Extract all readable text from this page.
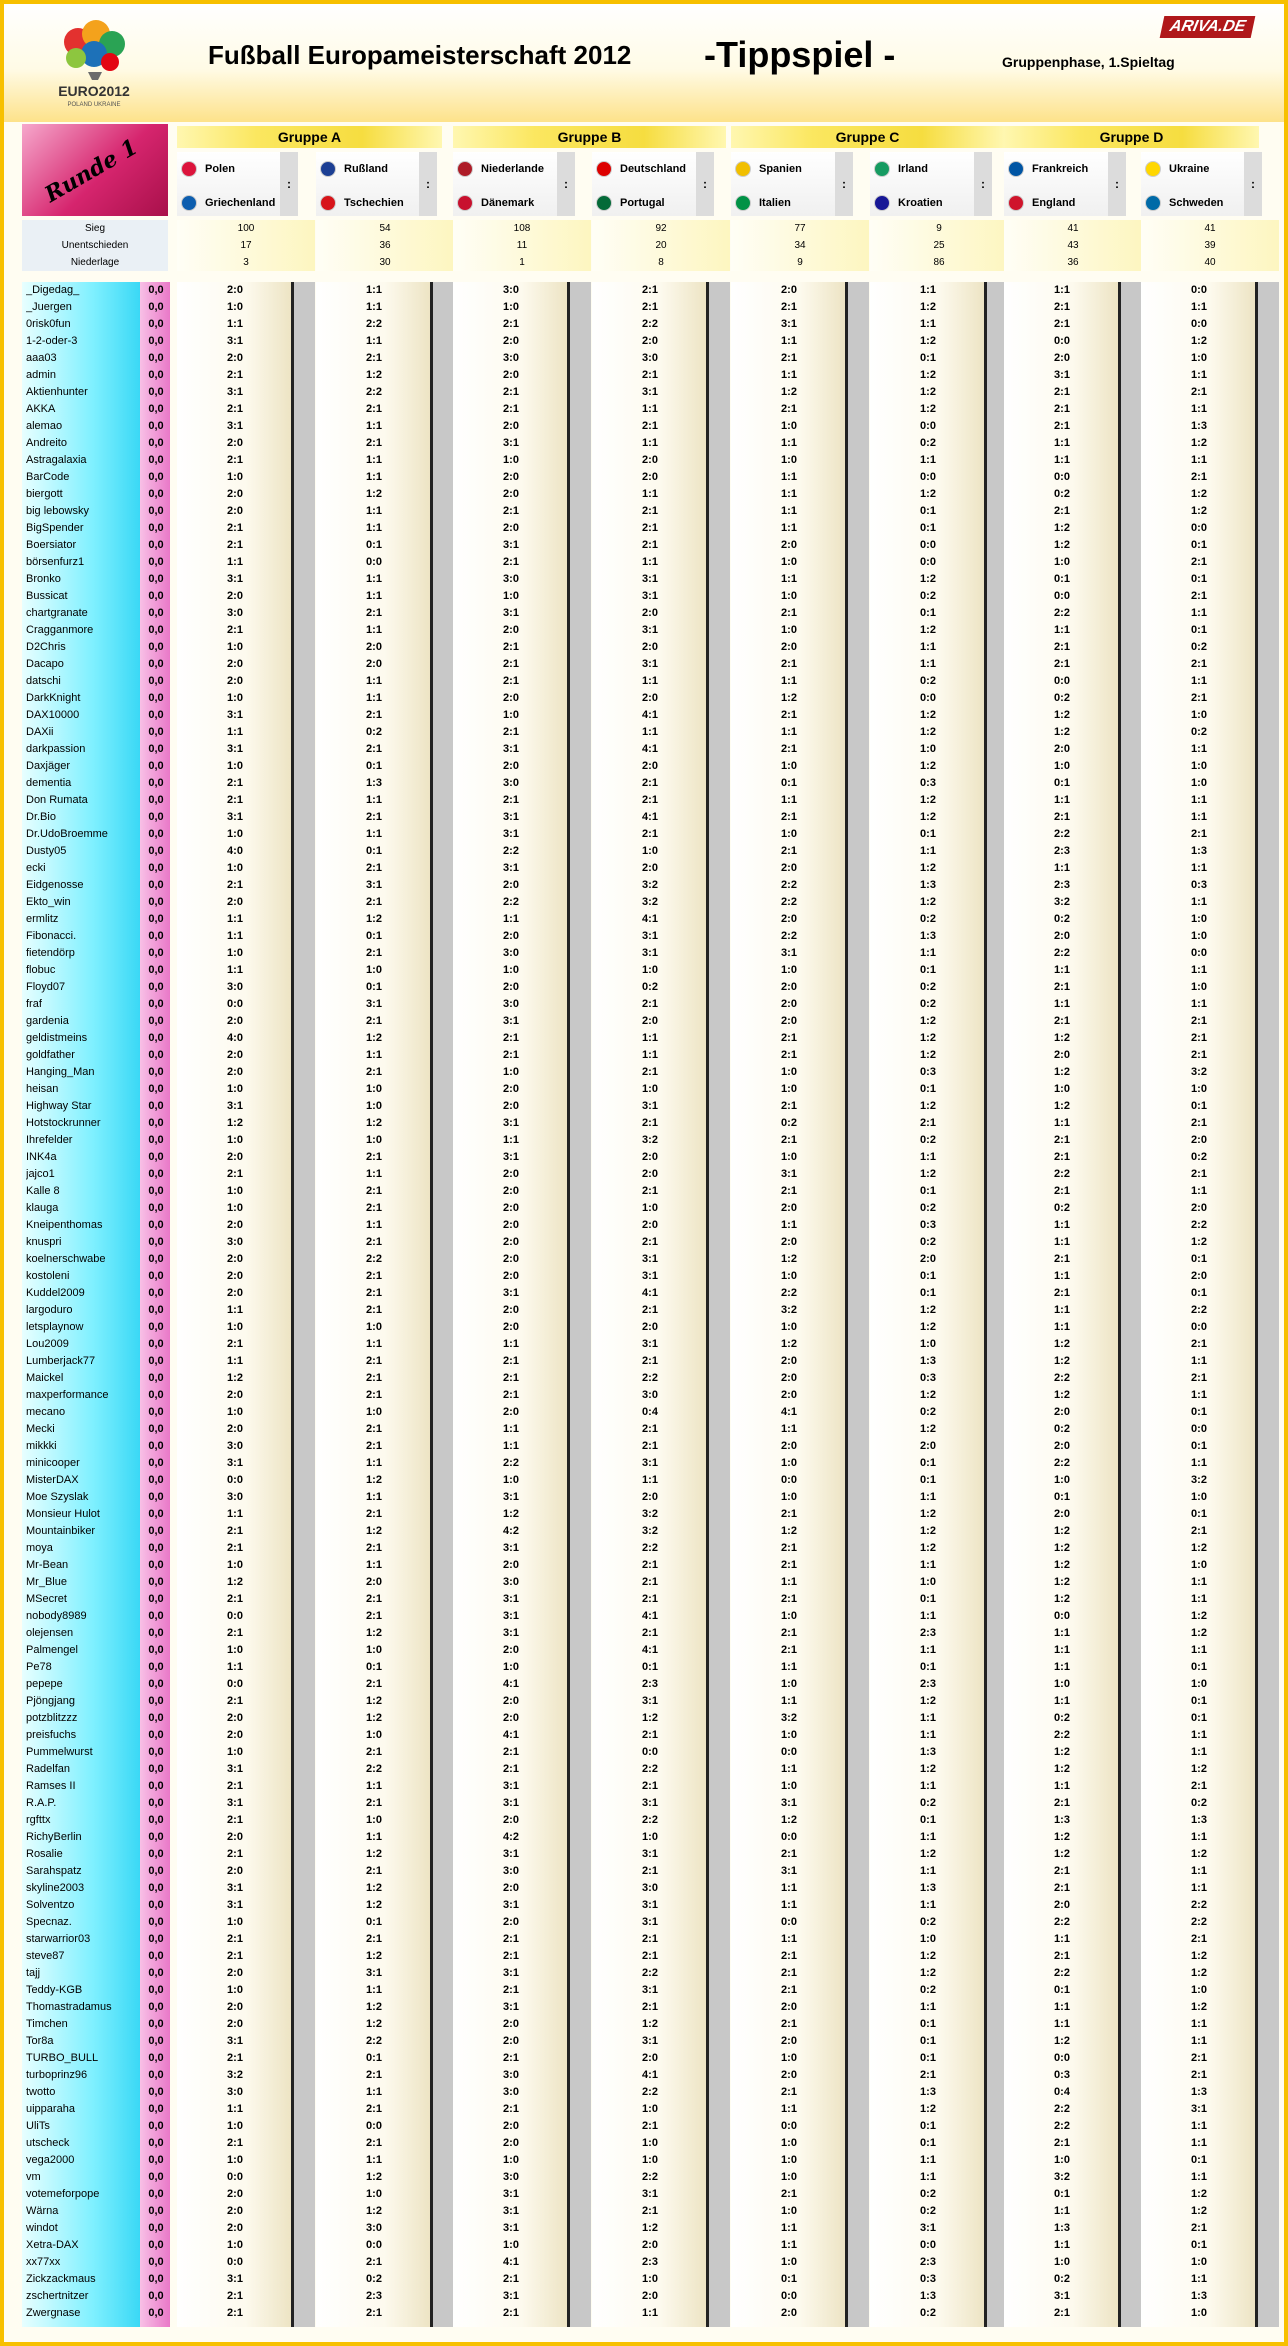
EURO2012
POLAND UKRAINE
Fußball Europameisterschaft 2012 -Tippspiel -	Gruppenphase, 1.Spieltag
ARIVA.DE
Runde 1	Gruppe A	Gruppe B	Gruppe C	Gruppe D
Polen
Griechenland
:
Rußland
Tschechien
:
Niederlande
Dänemark
:
Deutschland
Portugal
:
Spanien
Italien
:
Irland
Kroatien
:
Frankreich
England
:
Ukraine
Schweden
:
Sieg	100	54	108	92	77	9	41	41
Unentschieden	17	36	11	20	34	25	43	39
Niederlage	3	30	1	8	9	86	36	40
_Digedag_	0,0	2:0	1:1	3:0	2:1	2:0	1:1	1:1	0:0
_Juergen	0,0	1:0	1:1	1:0	2:1	2:1	1:2	2:1	1:1
0risk0fun	0,0	1:1	2:2	2:1	2:2	3:1	1:1	2:1	0:0
1-2-oder-3	0,0	3:1	1:1	2:0	2:0	1:1	1:2	0:0	1:2
aaa03	0,0	2:0	2:1	3:0	3:0	2:1	0:1	2:0	1:0
admin	0,0	2:1	1:2	2:0	2:1	1:1	1:2	3:1	1:1
Aktienhunter	0,0	3:1	2:2	2:1	3:1	1:2	1:2	2:1	2:1
AKKA	0,0	2:1	2:1	2:1	1:1	2:1	1:2	2:1	1:1
alemao	0,0	3:1	1:1	2:0	2:1	1:0	0:0	2:1	1:3
Andreito	0,0	2:0	2:1	3:1	1:1	1:1	0:2	1:1	1:2
Astragalaxia	0,0	2:1	1:1	1:0	2:0	1:0	1:1	1:1	1:1
BarCode	0,0	1:0	1:1	2:0	2:0	1:1	0:0	0:0	2:1
biergott	0,0	2:0	1:2	2:0	1:1	1:1	1:2	0:2	1:2
big lebowsky	0,0	2:0	1:1	2:1	2:1	1:1	0:1	2:1	1:2
BigSpender	0,0	2:1	1:1	2:0	2:1	1:1	0:1	1:2	0:0
Boersiator	0,0	2:1	0:1	3:1	2:1	2:0	0:0	1:2	0:1
börsenfurz1	0,0	1:1	0:0	2:1	1:1	1:0	0:0	1:0	2:1
Bronko	0,0	3:1	1:1	3:0	3:1	1:1	1:2	0:1	0:1
Bussicat	0,0	2:0	1:1	1:0	3:1	1:0	0:2	0:0	2:1
chartgranate	0,0	3:0	2:1	3:1	2:0	2:1	0:1	2:2	1:1
Cragganmore	0,0	2:1	1:1	2:0	3:1	1:0	1:2	1:1	0:1
D2Chris	0,0	1:0	2:0	2:1	2:0	2:0	1:1	2:1	0:2
Dacapo	0,0	2:0	2:0	2:1	3:1	2:1	1:1	2:1	2:1
datschi	0,0	2:0	1:1	2:1	1:1	1:1	0:2	0:0	1:1
DarkKnight	0,0	1:0	1:1	2:0	2:0	1:2	0:0	0:2	2:1
DAX10000	0,0	3:1	2:1	1:0	4:1	2:1	1:2	1:2	1:0
DAXii	0,0	1:1	0:2	2:1	1:1	1:1	1:2	1:2	0:2
darkpassion	0,0	3:1	2:1	3:1	4:1	2:1	1:0	2:0	1:1
Daxjäger	0,0	1:0	0:1	2:0	2:0	1:0	1:2	1:0	1:0
dementia	0,0	2:1	1:3	3:0	2:1	0:1	0:3	0:1	1:0
Don Rumata	0,0	2:1	1:1	2:1	2:1	1:1	1:2	1:1	1:1
Dr.Bio	0,0	3:1	2:1	3:1	4:1	2:1	1:2	2:1	1:1
Dr.UdoBroemme	0,0	1:0	1:1	3:1	2:1	1:0	0:1	2:2	2:1
Dusty05	0,0	4:0	0:1	2:2	1:0	2:1	1:1	2:3	1:3
ecki	0,0	1:0	2:1	3:1	2:0	2:0	1:2	1:1	1:1
Eidgenosse	0,0	2:1	3:1	2:0	3:2	2:2	1:3	2:3	0:3
Ekto_win	0,0	2:0	2:1	2:2	3:2	2:2	1:2	3:2	1:1
ermlitz	0,0	1:1	1:2	1:1	4:1	2:0	0:2	0:2	1:0
Fibonacci.	0,0	1:1	0:1	2:0	3:1	2:2	1:3	2:0	1:0
fietendörp	0,0	1:0	2:1	3:0	3:1	3:1	1:1	2:2	0:0
flobuc	0,0	1:1	1:0	1:0	1:0	1:0	0:1	1:1	1:1
Floyd07	0,0	3:0	0:1	2:0	0:2	2:0	0:2	2:1	1:0
fraf	0,0	0:0	3:1	3:0	2:1	2:0	0:2	1:1	1:1
gardenia	0,0	2:0	2:1	3:1	2:0	2:0	1:2	2:1	2:1
geldistmeins	0,0	4:0	1:2	2:1	1:1	2:1	1:2	1:2	2:1
goldfather	0,0	2:0	1:1	2:1	1:1	2:1	1:2	2:0	2:1
Hanging_Man	0,0	2:0	2:1	1:0	2:1	1:0	0:3	1:2	3:2
heisan	0,0	1:0	1:0	2:0	1:0	1:0	0:1	1:0	1:0
Highway Star	0,0	3:1	1:0	2:0	3:1	2:1	1:2	1:2	0:1
Hotstockrunner	0,0	1:2	1:2	3:1	2:1	0:2	2:1	1:1	2:1
Ihrefelder	0,0	1:0	1:0	1:1	3:2	2:1	0:2	2:1	2:0
INK4a	0,0	2:0	2:1	3:1	2:0	1:0	1:1	2:1	0:2
jajco1	0,0	2:1	1:1	2:0	2:0	3:1	1:2	2:2	2:1
Kalle 8	0,0	1:0	2:1	2:0	2:1	2:1	0:1	2:1	1:1
klauga	0,0	1:0	2:1	2:0	1:0	2:0	0:2	0:2	2:0
Kneipenthomas	0,0	2:0	1:1	2:0	2:0	1:1	0:3	1:1	2:2
knuspri	0,0	3:0	2:1	2:0	2:1	2:0	0:2	1:1	1:2
koelnerschwabe	0,0	2:0	2:2	2:0	3:1	1:2	2:0	2:1	0:1
kostoleni	0,0	2:0	2:1	2:0	3:1	1:0	0:1	1:1	2:0
Kuddel2009	0,0	2:0	2:1	3:1	4:1	2:2	0:1	2:1	0:1
largoduro	0,0	1:1	2:1	2:0	2:1	3:2	1:2	1:1	2:2
letsplaynow	0,0	1:0	1:0	2:0	2:0	1:0	1:2	1:1	0:0
Lou2009	0,0	2:1	1:1	1:1	3:1	1:2	1:0	1:2	2:1
Lumberjack77	0,0	1:1	2:1	2:1	2:1	2:0	1:3	1:2	1:1
Maickel	0,0	1:2	2:1	2:1	2:2	2:0	0:3	2:2	2:1
maxperformance	0,0	2:0	2:1	2:1	3:0	2:0	1:2	1:2	1:1
mecano	0,0	1:0	1:0	2:0	0:4	4:1	0:2	2:0	0:1
Mecki	0,0	2:0	2:1	1:1	2:1	1:1	1:2	0:2	0:0
mikkki	0,0	3:0	2:1	1:1	2:1	2:0	2:0	2:0	0:1
minicooper	0,0	3:1	1:1	2:2	3:1	1:0	0:1	2:2	1:1
MisterDAX	0,0	0:0	1:2	1:0	1:1	0:0	0:1	1:0	3:2
Moe Szyslak	0,0	3:0	1:1	3:1	2:0	1:0	1:1	0:1	1:0
Monsieur Hulot	0,0	1:1	2:1	1:2	3:2	2:1	1:2	2:0	0:1
Mountainbiker	0,0	2:1	1:2	4:2	3:2	1:2	1:2	1:2	2:1
moya	0,0	2:1	2:1	3:1	2:2	2:1	1:2	1:2	1:2
Mr-Bean	0,0	1:0	1:1	2:0	2:1	2:1	1:1	1:2	1:0
Mr_Blue	0,0	1:2	2:0	3:0	2:1	1:1	1:0	1:2	1:1
MSecret	0,0	2:1	2:1	3:1	2:1	2:1	0:1	1:2	1:1
nobody8989	0,0	0:0	2:1	3:1	4:1	1:0	1:1	0:0	1:2
olejensen	0,0	2:1	1:2	3:1	2:1	2:1	2:3	1:1	1:2
Palmengel	0,0	1:0	1:0	2:0	4:1	2:1	1:1	1:1	1:1
Pe78	0,0	1:1	0:1	1:0	0:1	1:1	0:1	1:1	0:1
pepepe	0,0	0:0	2:1	4:1	2:3	1:0	2:3	1:0	1:0
Pjöngjang	0,0	2:1	1:2	2:0	3:1	1:1	1:2	1:1	0:1
potzblitzzz	0,0	2:0	1:2	2:0	1:2	3:2	1:1	0:2	0:1
preisfuchs	0,0	2:0	1:0	4:1	2:1	1:0	1:1	2:2	1:1
Pummelwurst	0,0	1:0	2:1	2:1	0:0	0:0	1:3	1:2	1:1
Radelfan	0,0	3:1	2:2	2:1	2:2	1:1	1:2	1:2	1:2
Ramses II	0,0	2:1	1:1	3:1	2:1	1:0	1:1	1:1	2:1
R.A.P.	0,0	3:1	2:1	3:1	3:1	3:1	0:2	2:1	0:2
rgfttx	0,0	2:1	1:0	2:0	2:2	1:2	0:1	1:3	1:3
RichyBerlin	0,0	2:0	1:1	4:2	1:0	0:0	1:1	1:2	1:1
Rosalie	0,0	2:1	1:2	3:1	3:1	2:1	1:2	1:2	1:2
Sarahspatz	0,0	2:0	2:1	3:0	2:1	3:1	1:1	2:1	1:1
skyline2003	0,0	3:1	1:2	2:0	3:0	1:1	1:3	2:1	1:1
Solventzo	0,0	3:1	1:2	3:1	3:1	1:1	1:1	2:0	2:2
Specnaz.	0,0	1:0	0:1	2:0	3:1	0:0	0:2	2:2	2:2
starwarrior03	0,0	2:1	2:1	2:1	2:1	1:1	1:0	1:1	2:1
steve87	0,0	2:1	1:2	2:1	2:1	2:1	1:2	2:1	1:2
tajj	0,0	2:0	3:1	3:1	2:2	2:1	1:2	2:2	1:2
Teddy-KGB	0,0	1:0	1:1	2:1	3:1	2:1	0:2	0:1	1:0
Thomastradamus	0,0	2:0	1:2	3:1	2:1	2:0	1:1	1:1	1:2
Timchen	0,0	2:0	1:2	2:0	1:2	2:1	0:1	1:1	1:1
Tor8a	0,0	3:1	2:2	2:0	3:1	2:0	0:1	1:2	1:1
TURBO_BULL	0,0	2:1	0:1	2:1	2:0	1:0	0:1	0:0	2:1
turboprinz96	0,0	3:2	2:1	3:0	4:1	2:0	2:1	0:3	2:1
twotto	0,0	3:0	1:1	3:0	2:2	2:1	1:3	0:4	1:3
uipparaha	0,0	1:1	2:1	2:1	1:0	1:1	1:2	2:2	3:1
UliTs	0,0	1:0	0:0	2:0	2:1	0:0	0:1	2:2	1:1
utscheck	0,0	2:1	2:1	2:0	1:0	1:0	0:1	2:1	1:1
vega2000	0,0	1:0	1:1	1:0	1:0	1:0	1:1	1:0	0:1
vm	0,0	0:0	1:2	3:0	2:2	1:0	1:1	3:2	1:1
votemeforpope	0,0	2:0	1:0	3:1	3:1	2:1	0:2	0:1	1:2
Wärna	0,0	2:0	1:2	3:1	2:1	1:0	0:2	1:1	1:2
windot	0,0	2:0	3:0	3:1	1:2	1:1	3:1	1:3	2:1
Xetra-DAX	0,0	1:0	0:0	1:0	2:0	1:1	0:0	1:1	0:1
xx77xx	0,0	0:0	2:1	4:1	2:3	1:0	2:3	1:0	1:0
Zickzackmaus	0,0	3:1	0:2	2:1	1:0	0:1	0:3	0:2	1:1
zschertnitzer	0,0	2:1	2:3	3:1	2:0	0:0	1:3	3:1	1:3
Zwergnase	0,0	2:1	2:1	2:1	1:1	2:0	0:2	2:1	1:0
